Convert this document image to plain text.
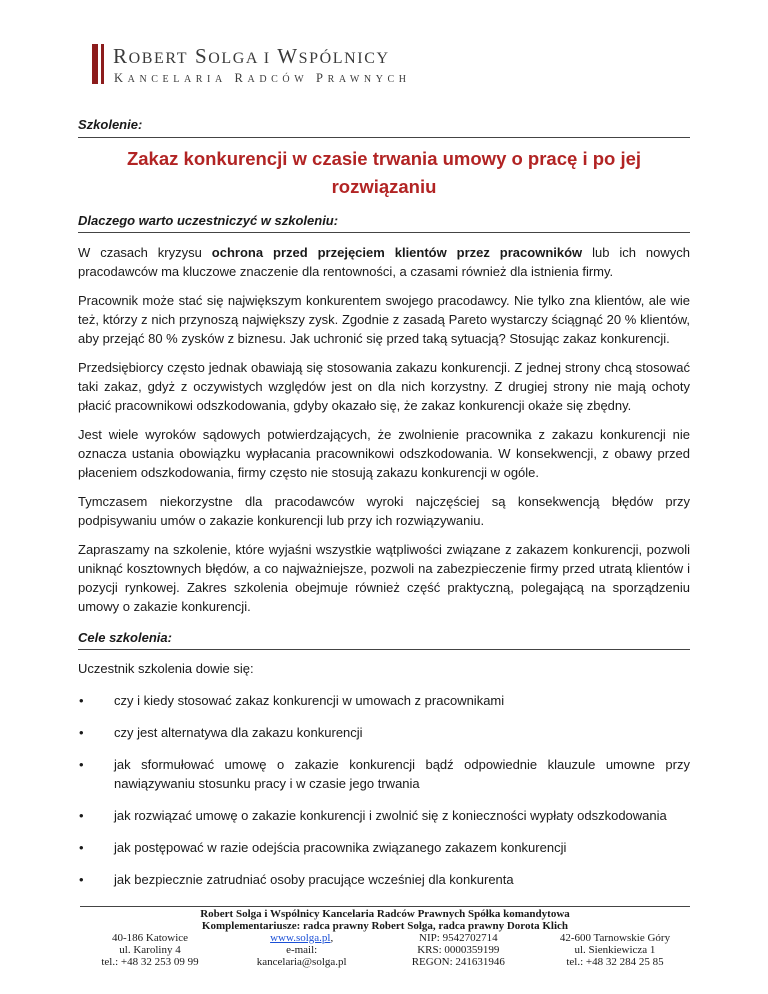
ROBERT SOLGA I WSPÓLNICY
KANCELARIA RADCÓW PRAWNYCH
Szkolenie:
Zakaz konkurencji w czasie trwania umowy o pracę i po jej rozwiązaniu
Dlaczego warto uczestniczyć w szkoleniu:

W czasach kryzysu ochrona przed przejęciem klientów przez pracowników lub ich nowych pracodawców ma kluczowe znaczenie dla rentowności, a czasami również dla istnienia firmy.

Pracownik może stać się największym konkurentem swojego pracodawcy. Nie tylko zna klientów, ale wie też, którzy z nich przynoszą największy zysk. Zgodnie z zasadą Pareto wystarczy ściągnąć 20 % klientów, aby przejąć 80 % zysków z biznesu. Jak uchronić się przed taką sytuacją? Stosując zakaz konkurencji.

Przedsiębiorcy często jednak obawiają się stosowania zakazu konkurencji. Z jednej strony chcą stosować taki zakaz, gdyż z oczywistych względów jest on dla nich korzystny. Z drugiej strony nie mają ochoty płacić pracownikowi odszkodowania, gdyby okazało się, że zakaz konkurencji okaże się zbędny.

Jest wiele wyroków sądowych potwierdzających, że zwolnienie pracownika z zakazu konkurencji nie oznacza ustania obowiązku wypłacania pracownikowi odszkodowania. W konsekwencji, z obawy przed płaceniem odszkodowania, firmy często nie stosują zakazu konkurencji w ogóle.

Tymczasem niekorzystne dla pracodawców wyroki najczęściej są konsekwencją błędów przy podpisywaniu umów o zakazie konkurencji lub przy ich rozwiązywaniu.

Zapraszamy na szkolenie, które wyjaśni wszystkie wątpliwości związane z zakazem konkurencji, pozwoli uniknąć kosztownych błędów, a co najważniejsze, pozwoli na zabezpieczenie firmy przed utratą klientów i pozycji rynkowej. Zakres szkolenia obejmuje również część praktyczną, polegającą na sporządzeniu umowy o zakazie konkurencji.

Cele szkolenia:

Uczestnik szkolenia dowie się:

• czy i kiedy stosować zakaz konkurencji w umowach z pracownikami
• czy jest alternatywa dla zakazu konkurencji
• jak sformułować umowę o zakazie konkurencji bądź odpowiednie klauzule umowne przy nawiązywaniu stosunku pracy i w czasie jego trwania
• jak rozwiązać umowę o zakazie konkurencji i zwolnić się z konieczności wypłaty odszkodowania
• jak postępować w razie odejścia pracownika związanego zakazem konkurencji
• jak bezpiecznie zatrudniać osoby pracujące wcześniej dla konkurenta
Robert Solga i Wspólnicy Kancelaria Radców Prawnych Spółka komandytowa
Komplementariusze: radca prawny Robert Solga, radca prawny Dorota Klich
40-186 Katowice
ul. Karoliny 4
tel.: +48 32 253 09 99
www.solga.pl,
e-mail:
kancelaria@solga.pl
NIP: 9542702714
KRS: 0000359199
REGON: 241631946
42-600 Tarnowskie Góry
ul. Sienkiewicza 1
tel.: +48 32 284 25 85
